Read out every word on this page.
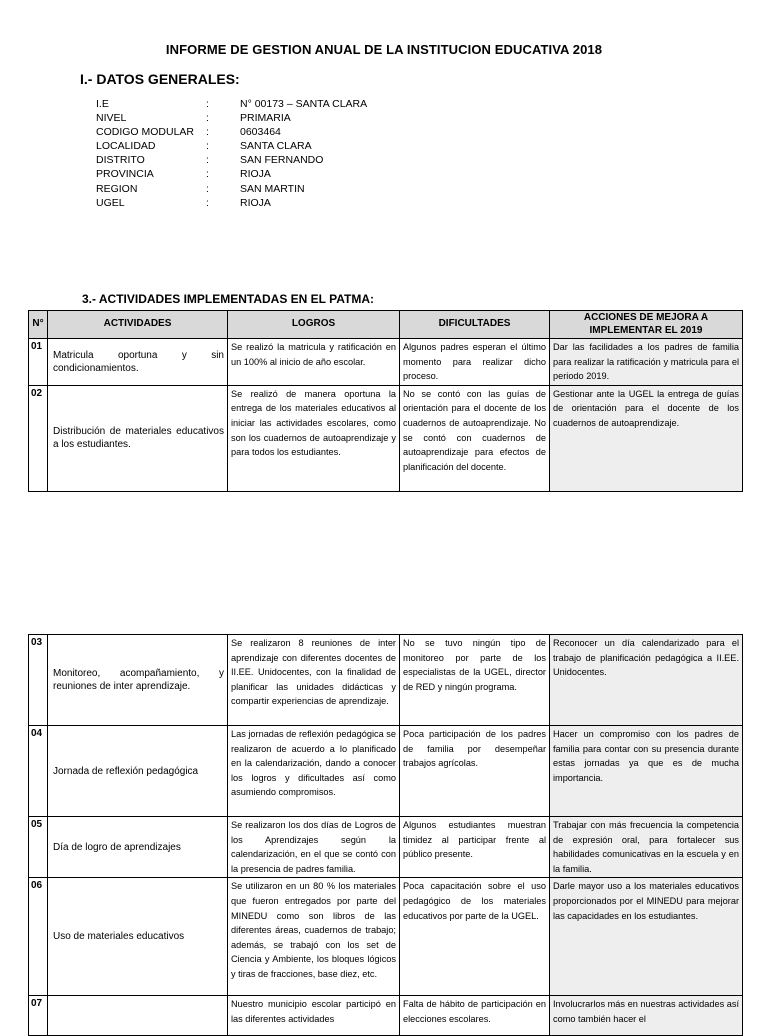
INFORME DE GESTION ANUAL DE LA INSTITUCION EDUCATIVA 2018
I.- DATOS GENERALES:
I.E	:	N° 00173 – SANTA CLARA
NIVEL	:	PRIMARIA
CODIGO MODULAR :	0603464
LOCALIDAD	:	SANTA CLARA
DISTRITO	:	SAN FERNANDO
PROVINCIA	:	RIOJA
REGION	:	SAN MARTIN
UGEL	:	RIOJA
3.- ACTIVIDADES IMPLEMENTADAS EN EL PATMA:
N°	ACTIVIDADES	LOGROS	DIFICULTADES	ACCIONES DE MEJORA A IMPLEMENTAR EL 2019
01	Matricula oportuna y sin condicionamientos.	Se realizó la matricula y ratificación en un 100% al inicio de año escolar.	Algunos padres esperan el último momento para realizar dicho proceso.	Dar las facilidades a los padres de familia para realizar la ratificación y matricula para el periodo 2019.
02	Distribución de materiales educativos a los estudiantes.	Se realizó de manera oportuna la entrega de los materiales educativos al iniciar las actividades escolares, como son los cuadernos de autoaprendizaje y para todos los estudiantes.	No se contó con las guías de orientación para el docente de los cuadernos de autoaprendizaje. No se contó con cuadernos de autoaprendizaje para efectos de planificación del docente.	Gestionar ante la UGEL la entrega de guías de orientación para el docente de los cuadernos de autoaprendizaje.
03	Monitoreo, acompañamiento, y reuniones de inter aprendizaje.	Se realizaron 8 reuniones de inter aprendizaje con diferentes docentes de II.EE. Unidocentes, con la finalidad de planificar las unidades didácticas y compartir experiencias de aprendizaje.	No se tuvo ningún tipo de monitoreo por parte de los especialistas de la UGEL, director de RED y ningún programa.	Reconocer un día calendarizado para el trabajo de planificación pedagógica a II.EE. Unidocentes.
04	Jornada de reflexión pedagógica	Las jornadas de reflexión pedagógica se realizaron de acuerdo a lo planificado en la calendarización, dando a conocer los logros y dificultades así como asumiendo compromisos.	Poca participación de los padres de familia por desempeñar trabajos agrícolas.	Hacer un compromiso con los padres de familia para contar con su presencia durante estas jornadas ya que es de mucha importancia.
05	Día de logro de aprendizajes	Se realizaron los dos días de Logros de los Aprendizajes según la calendarización, en el que se contó con la presencia de padres familia.	Algunos estudiantes muestran timidez al participar frente al público presente.	Trabajar con más frecuencia la competencia de expresión oral, para fortalecer sus habilidades comunicativas en la escuela y en la familia.
06	Uso de materiales educativos	Se utilizaron en un 80 % los materiales que fueron entregados por parte del MINEDU como son libros de las diferentes áreas, cuadernos de trabajo; además, se trabajó con los set de Ciencia y Ambiente, los bloques lógicos y tiras de fracciones, base diez, etc.	Poca capacitación sobre el uso pedagógico de los materiales educativos por parte de la UGEL.	Darle mayor uso a los materiales educativos proporcionados por el MINEDU para mejorar las capacidades en los estudiantes.
07		Nuestro municipio escolar participó en las diferentes actividades	Falta de hábito de participación en elecciones escolares.	Involucrarlos más en nuestras actividades así como también hacer el
